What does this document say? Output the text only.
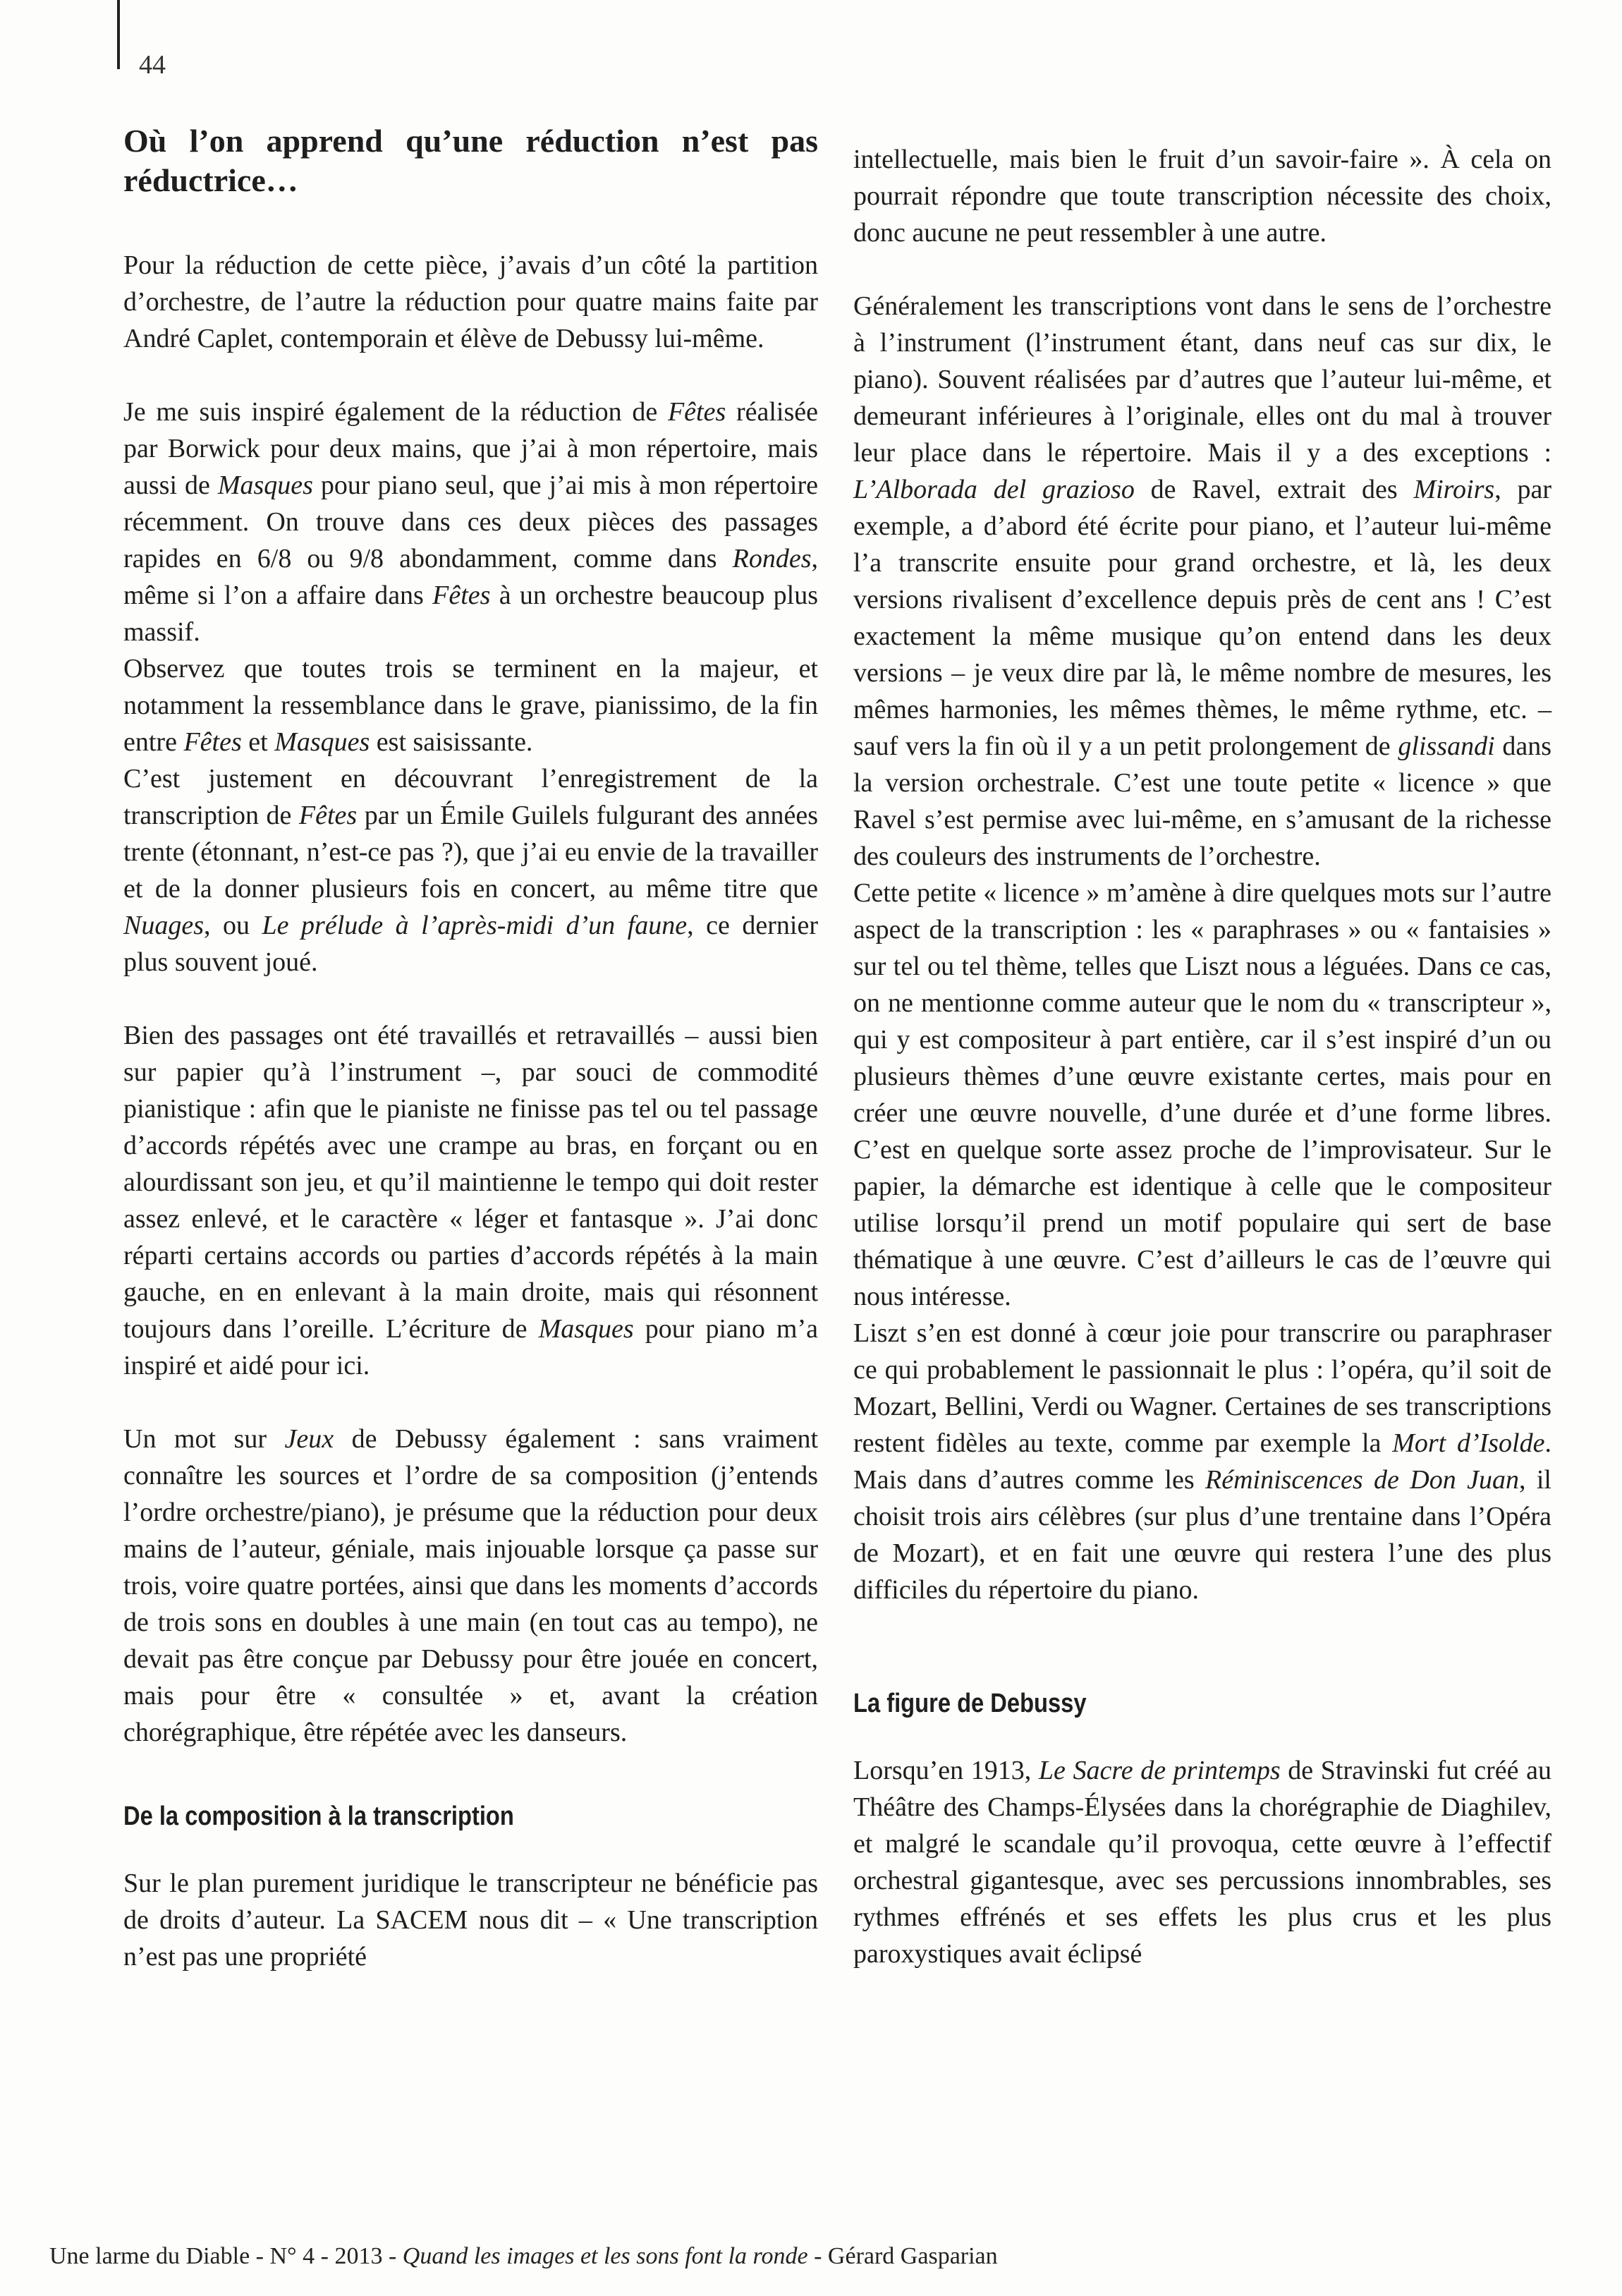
44
Où l’on apprend qu’une réduction n’est pas réductrice…

Pour la réduction de cette pièce, j’avais d’un côté la partition d’orchestre, de l’autre la réduction pour quatre mains faite par André Caplet, contemporain et élève de Debussy lui-même.

Je me suis inspiré également de la réduction de Fêtes réalisée par Borwick pour deux mains, que j’ai à mon répertoire, mais aussi de Masques pour piano seul, que j’ai mis à mon répertoire récemment. On trouve dans ces deux pièces des passages rapides en 6/8 ou 9/8 abondamment, comme dans Rondes, même si l’on a affaire dans Fêtes à un orchestre beaucoup plus massif.

Observez que toutes trois se terminent en la majeur, et notamment la ressemblance dans le grave, pianissimo, de la fin entre Fêtes et Masques est saisissante.

C’est justement en découvrant l’enregistrement de la transcription de Fêtes par un Émile Guilels fulgurant des années trente (étonnant, n’est-ce pas ?), que j’ai eu envie de la travailler et de la donner plusieurs fois en concert, au même titre que Nuages, ou Le prélude à l’après-midi d’un faune, ce dernier plus souvent joué.

Bien des passages ont été travaillés et retravaillés – aussi bien sur papier qu’à l’instrument –, par souci de commodité pianistique : afin que le pianiste ne finisse pas tel ou tel passage d’accords répétés avec une crampe au bras, en forçant ou en alourdissant son jeu, et qu’il maintienne le tempo qui doit rester assez enlevé, et le caractère « léger et fantasque ». J’ai donc réparti certains accords ou parties d’accords répétés à la main gauche, en en enlevant à la main droite, mais qui résonnent toujours dans l’oreille. L’écriture de Masques pour piano m’a inspiré et aidé pour ici.

Un mot sur Jeux de Debussy également : sans vraiment connaître les sources et l’ordre de sa composition (j’entends l’ordre orchestre/piano), je présume que la réduction pour deux mains de l’auteur, géniale, mais injouable lorsque ça passe sur trois, voire quatre portées, ainsi que dans les moments d’accords de trois sons en doubles à une main (en tout cas au tempo), ne devait pas être conçue par Debussy pour être jouée en concert, mais pour être « consultée » et, avant la création chorégraphique, être répétée avec les danseurs.

De la composition à la transcription

Sur le plan purement juridique le transcripteur ne bénéficie pas de droits d’auteur. La SACEM nous dit – « Une transcription n’est pas une propriété

intellectuelle, mais bien le fruit d’un savoir-faire ». À cela on pourrait répondre que toute transcription nécessite des choix, donc aucune ne peut ressembler à une autre.

Généralement les transcriptions vont dans le sens de l’orchestre à l’instrument (l’instrument étant, dans neuf cas sur dix, le piano). Souvent réalisées par d’autres que l’auteur lui-même, et demeurant inférieures à l’originale, elles ont du mal à trouver leur place dans le répertoire. Mais il y a des exceptions : L’Alborada del grazioso de Ravel, extrait des Miroirs, par exemple, a d’abord été écrite pour piano, et l’auteur lui-même l’a transcrite ensuite pour grand orchestre, et là, les deux versions rivalisent d’excellence depuis près de cent ans ! C’est exactement la même musique qu’on entend dans les deux versions – je veux dire par là, le même nombre de mesures, les mêmes harmonies, les mêmes thèmes, le même rythme, etc. – sauf vers la fin où il y a un petit prolongement de glissandi dans la version orchestrale. C’est une toute petite « licence » que Ravel s’est permise avec lui-même, en s’amusant de la richesse des couleurs des instruments de l’orchestre.

Cette petite « licence » m’amène à dire quelques mots sur l’autre aspect de la transcription : les « paraphrases » ou « fantaisies » sur tel ou tel thème, telles que Liszt nous a léguées. Dans ce cas, on ne mentionne comme auteur que le nom du « transcripteur », qui y est compositeur à part entière, car il s’est inspiré d’un ou plusieurs thèmes d’une œuvre existante certes, mais pour en créer une œuvre nouvelle, d’une durée et d’une forme libres. C’est en quelque sorte assez proche de l’improvisateur. Sur le papier, la démarche est identique à celle que le compositeur utilise lorsqu’il prend un motif populaire qui sert de base thématique à une œuvre. C’est d’ailleurs le cas de l’œuvre qui nous intéresse.

Liszt s’en est donné à cœur joie pour transcrire ou paraphraser ce qui probablement le passionnait le plus : l’opéra, qu’il soit de Mozart, Bellini, Verdi ou Wagner. Certaines de ses transcriptions restent fidèles au texte, comme par exemple la Mort d’Isolde. Mais dans d’autres comme les Réminiscences de Don Juan, il choisit trois airs célèbres (sur plus d’une trentaine dans l’Opéra de Mozart), et en fait une œuvre qui restera l’une des plus difficiles du répertoire du piano.

La figure de Debussy

Lorsqu’en 1913, Le Sacre de printemps de Stravinski fut créé au Théâtre des Champs-Élysées dans la chorégraphie de Diaghilev, et malgré le scandale qu’il provoqua, cette œuvre à l’effectif orchestral gigantesque, avec ses percussions innombrables, ses rythmes effrénés et ses effets les plus crus et les plus paroxystiques avait éclipsé

Une larme du Diable - N° 4 - 2013 - Quand les images et les sons font la ronde - Gérard Gasparian
